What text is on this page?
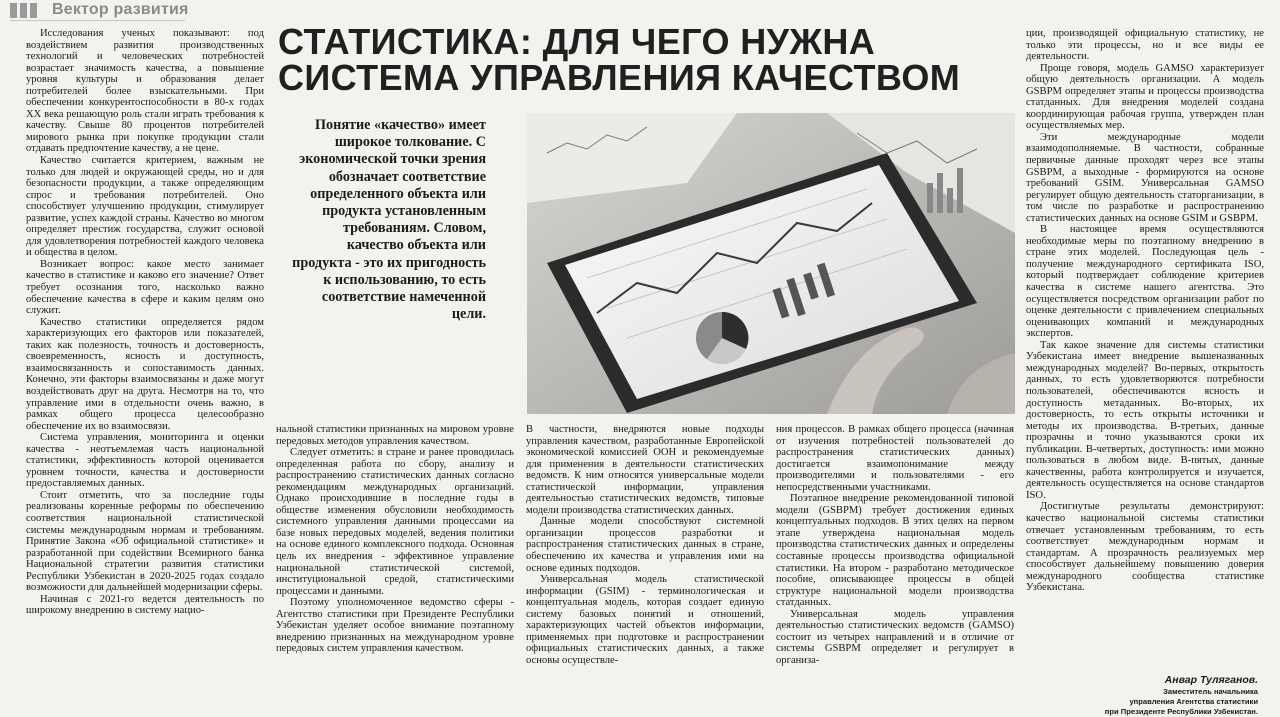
Вектор развития

Исследования ученых показывают: под воздействием развития производственных технологий и человеческих потребностей возрастает значимость качества, а повышение уровня культуры и образования делает потребителей более взыскательными. При обеспечении конкурентоспособности в 80-х годах XX века решающую роль стали играть требования к качеству. Свыше 80 процентов потребителей мирового рынка при покупке продукции стали отдавать предпочтение качеству, а не цене.

Качество считается критерием, важным не только для людей и окружающей среды, но и для безопасности продукции, а также определяющим спрос и требования потребителей. Оно способствует улучшению продукции, стимулирует развитие, успех каждой страны. Качество во многом определяет престиж государства, служит основой для удовлетворения потребностей каждого человека и общества в целом.

Возникает вопрос: какое место занимает качество в статистике и каково его значение? Ответ требует осознания того, насколько важно обеспечение качества в сфере и каким целям оно служит.

Качество статистики определяется рядом характеризующих его факторов или показателей, таких как полезность, точность и достоверность, своевременность, ясность и доступность, взаимосвязанность и сопоставимость данных. Конечно, эти факторы взаимосвязаны и даже могут воздействовать друг на друга. Несмотря на то, что управление ими в отдельности очень важно, в рамках общего процесса целесообразно обеспечение их во взаимосвязи.

Система управления, мониторинга и оценки качества - неотъемлемая часть национальной статистики, эффективность которой оценивается уровнем точности, качества и достоверности предоставляемых данных.

Стоит отметить, что за последние годы реализованы коренные реформы по обеспечению соответствия национальной статистической системы международным нормам и требованиям. Принятие Закона «Об официальной статистике» и разработанной при содействии Всемирного банка Национальной стратегии развития статистики Республики Узбекистан в 2020-2025 годах создало возможности для дальнейшей модернизации сферы.

Начиная с 2021-го ведется деятельность по широкому внедрению в систему нацио-

СТАТИСТИКА: ДЛЯ ЧЕГО НУЖНА
СИСТЕМА УПРАВЛЕНИЯ КАЧЕСТВОМ
Понятие «качество» имеет широкое толкование. С экономической точки зрения обозначает соответствие определенного объекта или продукта установленным требованиям. Словом, качество объекта или продукта - это их пригодность к использованию, то есть соответствие намеченной цели.

нальной статистики признанных на мировом уровне передовых методов управления качеством.

Следует отметить: в стране и ранее проводилась определенная работа по сбору, анализу и распространению статистических данных согласно рекомендациям международных организаций. Однако происходившие в последние годы в обществе изменения обусловили необходимость системного управления данными процессами на базе новых передовых моделей, ведения политики на основе единого комплексного подхода. Основная цель их внедрения - эффективное управление национальной статистической системой, институциональной средой, статистическими процессами и данными.

Поэтому уполномоченное ведомство сферы - Агентство статистики при Президенте Республики Узбекистан уделяет особое внимание поэтапному внедрению признанных на международном уровне передовых систем управления качеством.

В частности, внедряются новые подходы управления качеством, разработанные Европейской экономической комиссией ООН и рекомендуемые для применения в деятельности статистических ведомств. К ним относятся универсальные модели статистической информации, управления деятельностью статистических ведомств, типовые модели производства статистических данных.

Данные модели способствуют системной организации процессов разработки и распространения статистических данных в стране, обеспечению их качества и управления ими на основе единых подходов.

Универсальная модель статистической информации (GSIM) - терминологическая и концептуальная модель, которая создает единую систему базовых понятий и отношений, характеризующих частей объектов информации, применяемых при подготовке и распространении официальных статистических данных, а также основы осуществле-

ния процессов. В рамках общего процесса (начиная от изучения потребностей пользователей до распространения статистических данных) достигается взаимопонимание между производителями и пользователями - его непосредственными участниками.

Поэтапное внедрение рекомендованной типовой модели (GSBPM) требует достижения единых концептуальных подходов. В этих целях на первом этапе утверждена национальная модель производства статистических данных и определены составные процессы производства официальной статистики. На втором - разработано методическое пособие, описывающее процессы в общей структуре национальной модели производства статданных.

Универсальная модель управления деятельностью статистических ведомств (GAMSO) состоит из четырех направлений и в отличие от системы GSBPM определяет и регулирует в организа-

ции, производящей официальную статистику, не только эти процессы, но и все виды ее деятельности.

Проще говоря, модель GAMSO характеризует общую деятельность организации. А модель GSBPM определяет этапы и процессы производства статданных. Для внедрения моделей создана координирующая рабочая группа, утвержден план осуществляемых мер.

Эти международные модели взаимодополняемые. В частности, собранные первичные данные проходят через все этапы GSBPM, а выходные - формируются на основе требований GSIM. Универсальная GAMSO регулирует общую деятельность статорганизации, в том числе по разработке и распространению статистических данных на основе GSIM и GSBPM.

В настоящее время осуществляются необходимые меры по поэтапному внедрению в стране этих моделей. Последующая цель - получение международного сертификата ISO, который подтверждает соблюдение критериев качества в системе нашего агентства. Это осуществляется посредством организации работ по оценке деятельности с привлечением специальных оценивающих компаний и международных экспертов.

Так какое значение для системы статистики Узбекистана имеет внедрение вышеназванных международных моделей? Во-первых, открытость данных, то есть удовлетворяются потребности пользователей, обеспечиваются ясность и доступность метаданных. Во-вторых, их достоверность, то есть открыты источники и методы их производства. В-третьих, данные прозрачны и точно указываются сроки их публикации. В-четвертых, доступность: ими можно пользоваться в любом виде. В-пятых, данные качественны, работа контролируется и изучается, деятельность осуществляется на основе стандартов ISO.

Достигнутые результаты демонстрируют: качество национальной системы статистики отвечает установленным требованиям, то есть соответствует международным нормам и стандартам. А прозрачность реализуемых мер способствует дальнейшему повышению доверия международного сообщества статистике Узбекистана.

Анвар Туляганов.
Заместитель начальника
управления Агентства статистики
при Президенте Республики Узбекистан.
